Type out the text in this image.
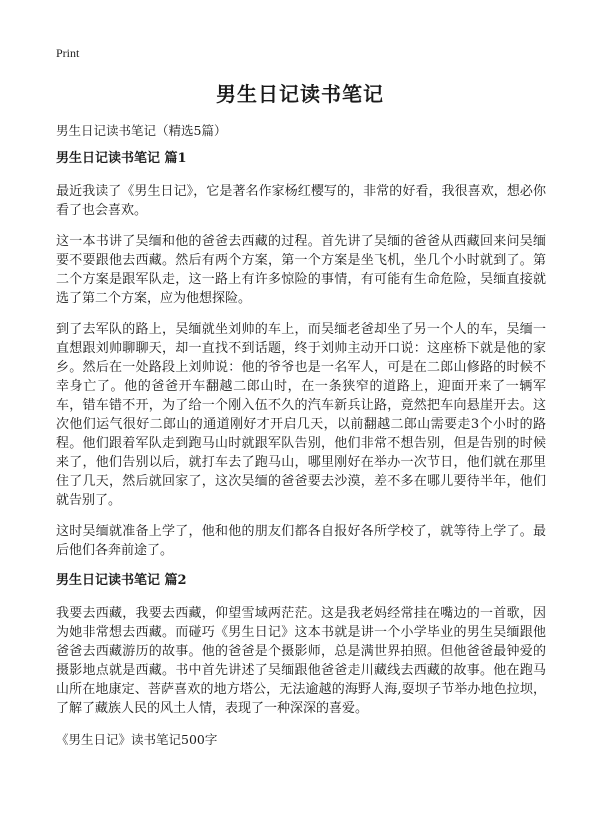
Print
男生日记读书笔记
男生日记读书笔记（精选5篇）
男生日记读书笔记 篇1

最近我读了《男生日记》，它是著名作家杨红樱写的，非常的好看，我很喜欢，想必你看了也会喜欢。

这一本书讲了吴缅和他的爸爸去西藏的过程。首先讲了吴缅的爸爸从西藏回来问吴缅要不要跟他去西藏。然后有两个方案，第一个方案是坐飞机，坐几个小时就到了。第二个方案是跟军队走，这一路上有许多惊险的事情，有可能有生命危险，吴缅直接就选了第二个方案，应为他想探险。

到了去军队的路上，吴缅就坐刘帅的车上，而吴缅老爸却坐了另一个人的车，吴缅一直想跟刘帅聊聊天，却一直找不到话题，终于刘帅主动开口说：这座桥下就是他的家乡。然后在一处路段上刘帅说：他的爷爷也是一名军人，可是在二郎山修路的时候不幸身亡了。他的爸爸开车翻越二郎山时，在一条狭窄的道路上，迎面开来了一辆军车，错车错不开，为了给一个刚入伍不久的汽车新兵让路，竟然把车向悬崖开去。这次他们运气很好二郎山的通道刚好才开启几天，以前翻越二郎山需要走3个小时的路程。他们跟着军队走到跑马山时就跟军队告别，他们非常不想告别，但是告别的时候来了，他们告别以后，就打车去了跑马山，哪里刚好在举办一次节日，他们就在那里住了几天，然后就回家了，这次吴缅的爸爸要去沙漠，差不多在哪儿要待半年，他们就告别了。

这时吴缅就准备上学了，他和他的朋友们都各自报好各所学校了，就等待上学了。最后他们各奔前途了。

男生日记读书笔记 篇2

我要去西藏，我要去西藏，仰望雪域两茫茫。这是我老妈经常挂在嘴边的一首歌，因为她非常想去西藏。而碰巧《男生日记》这本书就是讲一个小学毕业的男生吴缅跟他爸爸去西藏游历的故事。他的爸爸是个摄影师，总是满世界拍照。但他爸爸最钟爱的摄影地点就是西藏。书中首先讲述了吴缅跟他爸爸走川藏线去西藏的故事。他在跑马山所在地康定、菩萨喜欢的地方塔公，无法逾越的海野人海,耍坝子节举办地色拉坝，了解了藏族人民的风土人情，表现了一种深深的喜爱。

《男生日记》读书笔记500字
